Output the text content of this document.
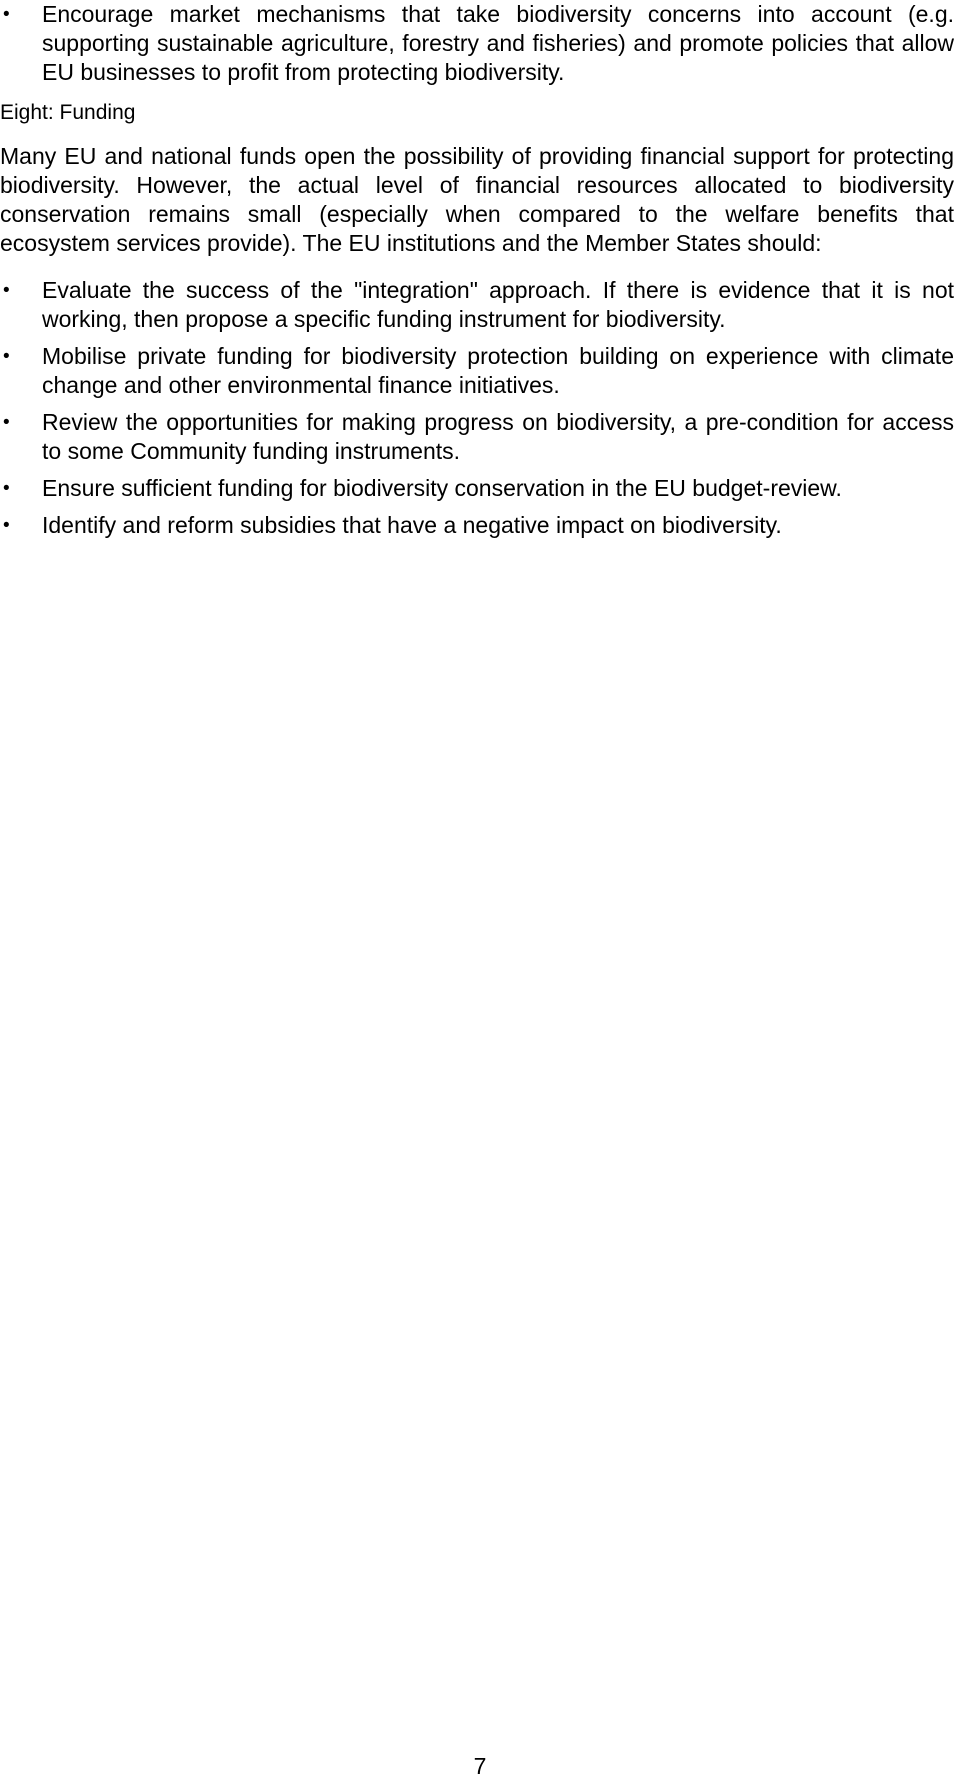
• Encourage market mechanisms that take biodiversity concerns into account (e.g. supporting sustainable agriculture, forestry and fisheries) and promote policies that allow EU businesses to profit from protecting biodiversity.
Eight: Funding

Many EU and national funds open the possibility of providing financial support for protecting biodiversity. However, the actual level of financial resources allocated to biodiversity conservation remains small (especially when compared to the welfare benefits that ecosystem services provide). The EU institutions and the Member States should:

• Evaluate the success of the "integration" approach. If there is evidence that it is not working, then propose a specific funding instrument for biodiversity.
• Mobilise private funding for biodiversity protection building on experience with climate change and other environmental finance initiatives.
• Review the opportunities for making progress on biodiversity, a pre-condition for access to some Community funding instruments.
• Ensure sufficient funding for biodiversity conservation in the EU budget-review.
• Identify and reform subsidies that have a negative impact on biodiversity.
7
